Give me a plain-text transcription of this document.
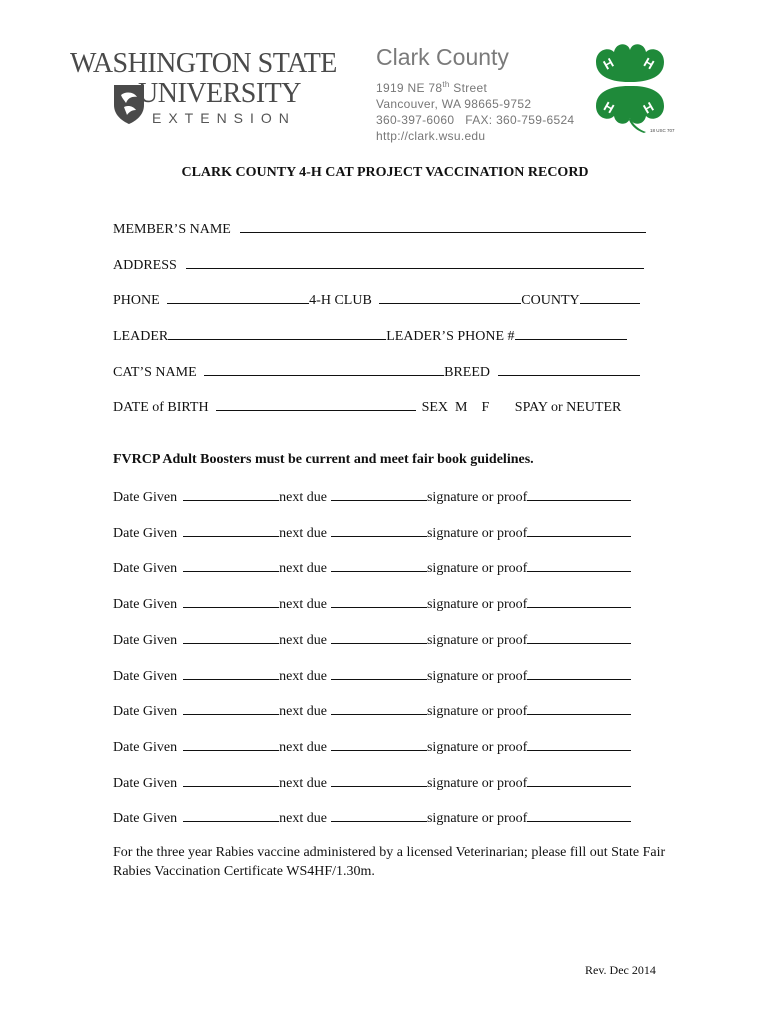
WASHINGTON STATE
UNIVERSITY
EXTENSION
Clark County
1919 NE 78th Street
Vancouver, WA 98665-9752
360-397-6060   FAX: 360-759-6524
http://clark.wsu.edu
H H
H H
18 USC 707
CLARK COUNTY 4-H CAT PROJECT VACCINATION RECORD
MEMBER’S NAME
ADDRESS
PHONE	4-H CLUB	COUNTY
LEADER	LEADER’S PHONE #
CAT’S NAME	BREED
DATE of BIRTH	SEX  M    F SPAY or NEUTER
FVRCP Adult Boosters must be current and meet fair book guidelines.
Date Given	next due	signature or proof
Date Given	next due	signature or proof
Date Given	next due	signature or proof
Date Given	next due	signature or proof
Date Given	next due	signature or proof
Date Given	next due	signature or proof
Date Given	next due	signature or proof
Date Given	next due	signature or proof
Date Given	next due	signature or proof
Date Given	next due	signature or proof
For the three year Rabies vaccine administered by a licensed Veterinarian; please fill out State Fair Rabies Vaccination Certificate WS4HF/1.30m.
Rev. Dec 2014
